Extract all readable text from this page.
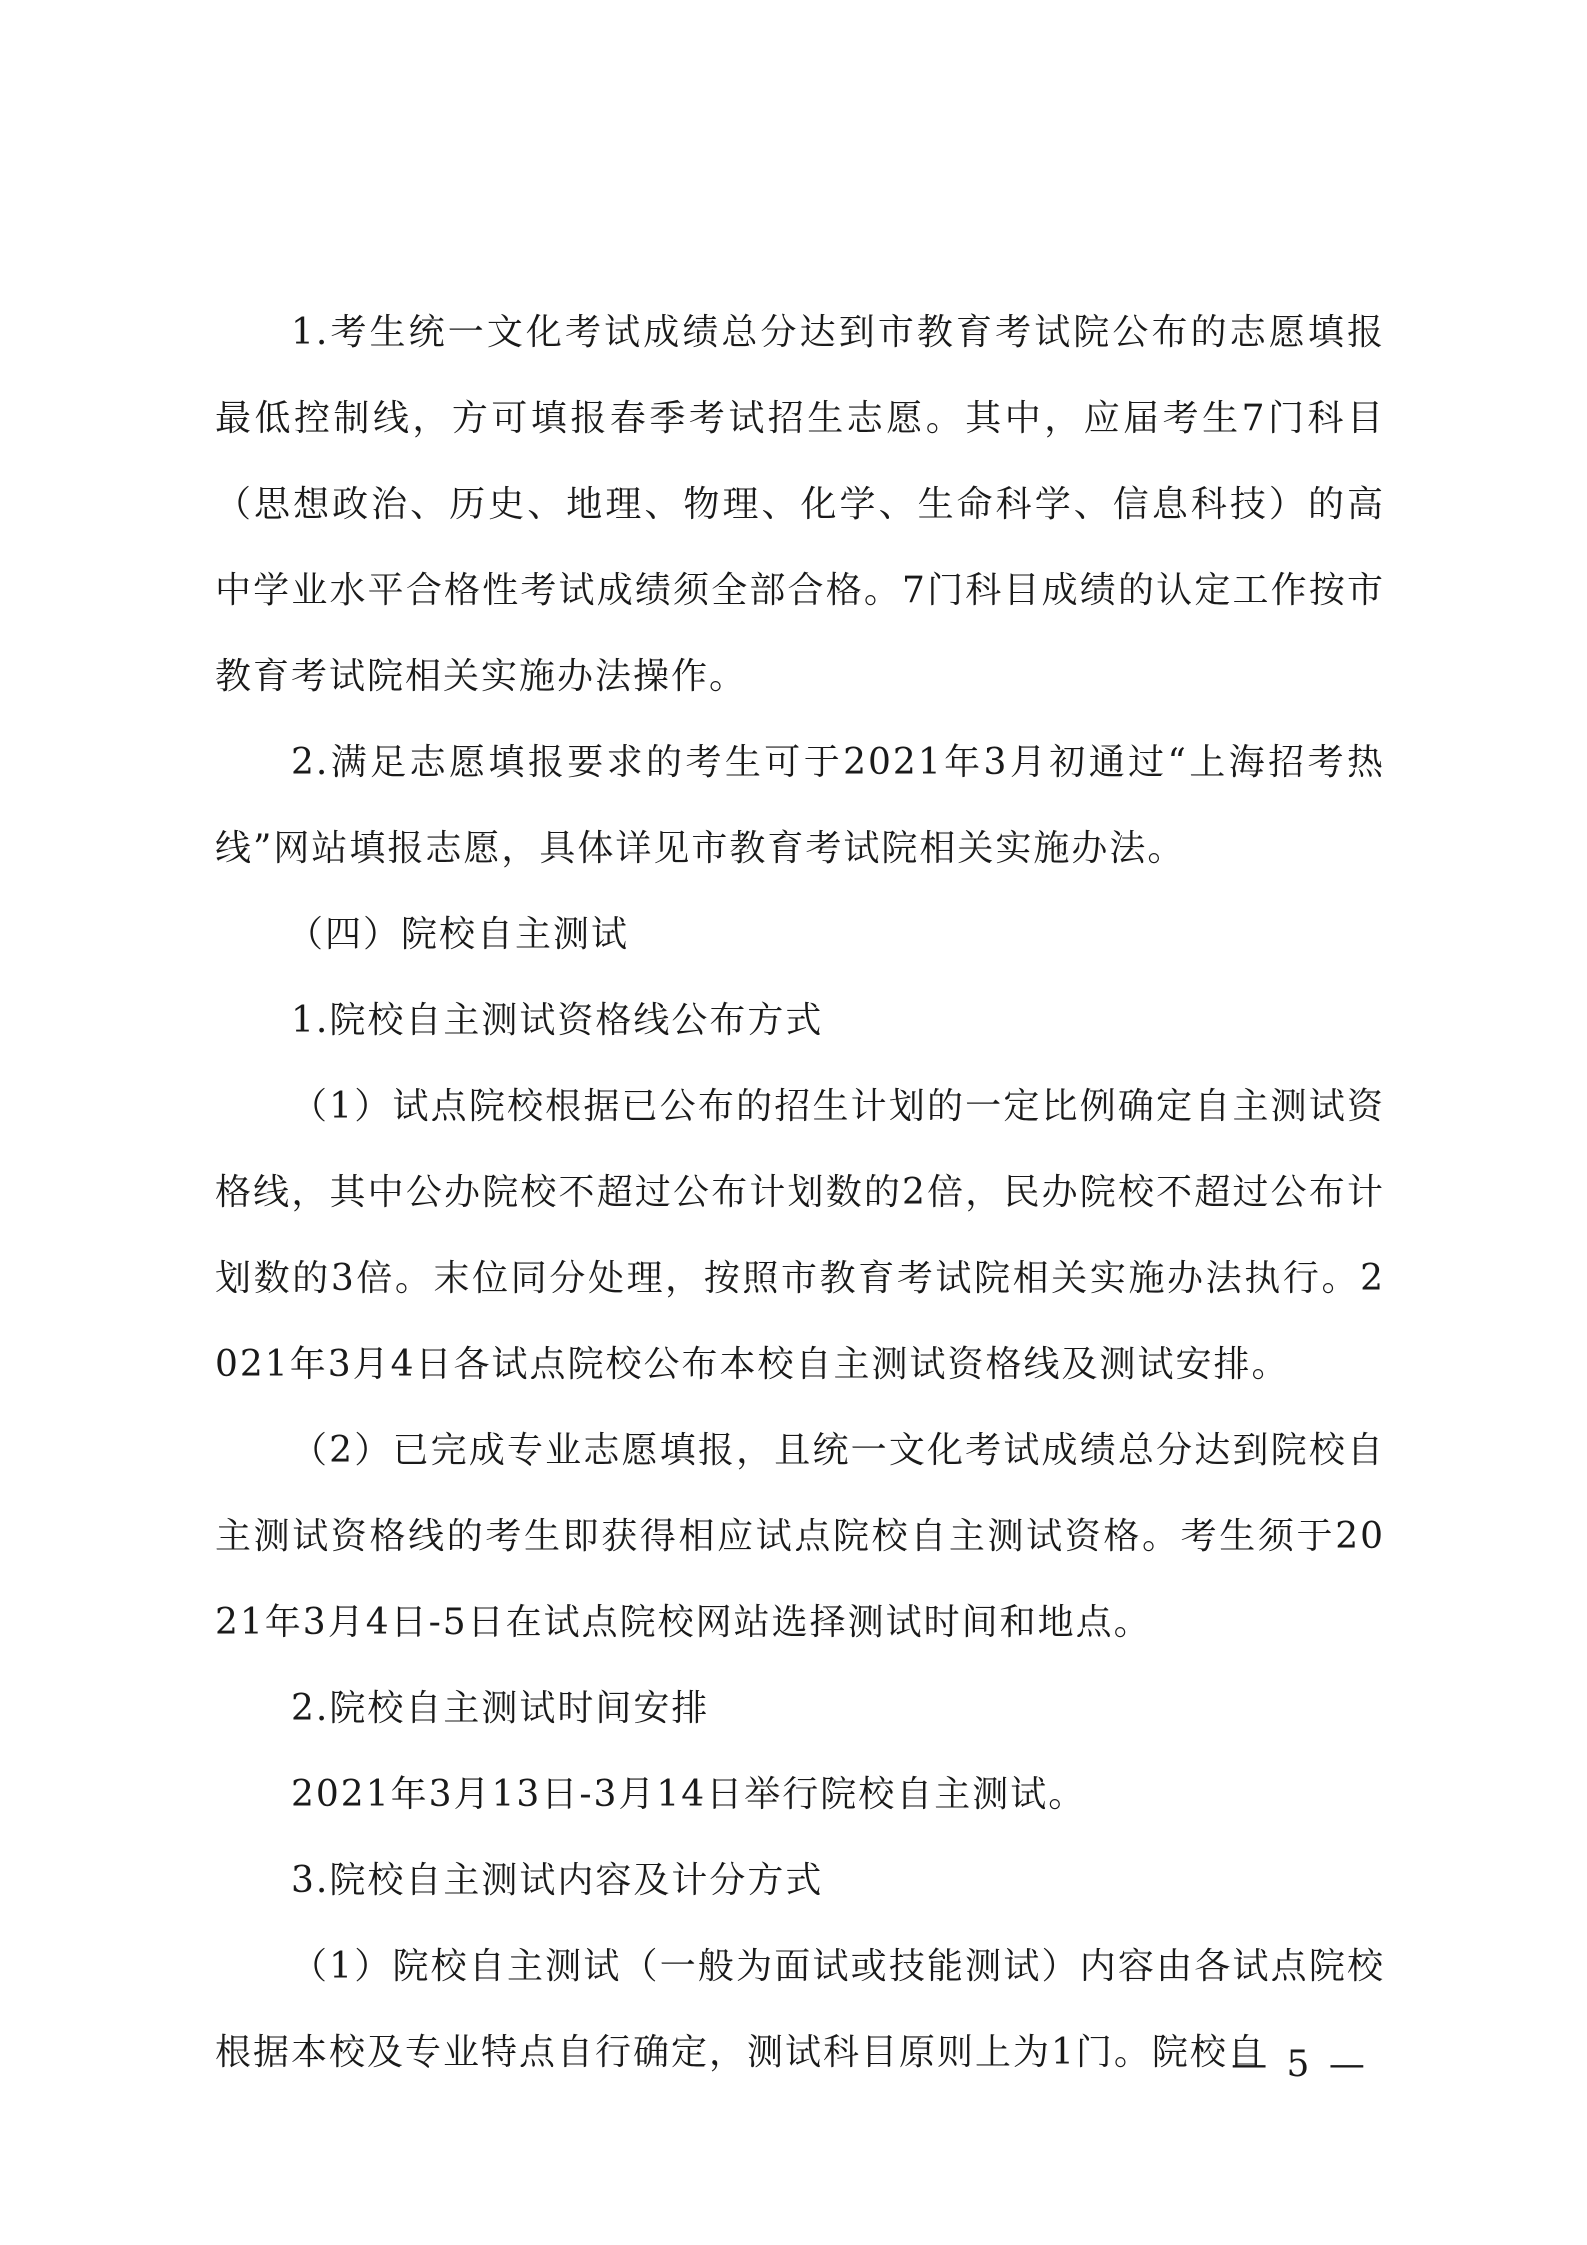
1.考生统一文化考试成绩总分达到市教育考试院公布的志愿填报最低控制线，方可填报春季考试招生志愿。其中，应届考生7门科目（思想政治、历史、地理、物理、化学、生命科学、信息科技）的高中学业水平合格性考试成绩须全部合格。7门科目成绩的认定工作按市教育考试院相关实施办法操作。

2.满足志愿填报要求的考生可于2021年3月初通过“上海招考热线”网站填报志愿，具体详见市教育考试院相关实施办法。

（四）院校自主测试

1.院校自主测试资格线公布方式

（1）试点院校根据已公布的招生计划的一定比例确定自主测试资格线，其中公办院校不超过公布计划数的2倍，民办院校不超过公布计划数的3倍。末位同分处理，按照市教育考试院相关实施办法执行。2021年3月4日各试点院校公布本校自主测试资格线及测试安排。

（2）已完成专业志愿填报，且统一文化考试成绩总分达到院校自主测试资格线的考生即获得相应试点院校自主测试资格。考生须于2021年3月4日-5日在试点院校网站选择测试时间和地点。

2.院校自主测试时间安排

2021年3月13日-3月14日举行院校自主测试。

3.院校自主测试内容及计分方式

（1）院校自主测试（一般为面试或技能测试）内容由各试点院校根据本校及专业特点自行确定，测试科目原则上为1门。院校自

— 5 —
